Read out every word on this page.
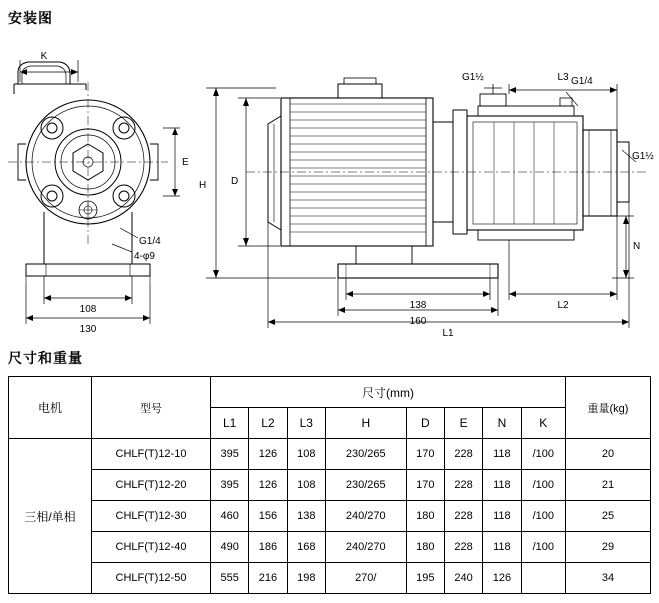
安装图
K
E
G1/4
4-φ9
108
130
H D
N
138
160
L2
L3
L1
G1½	G1/4
G1½
尺寸和重量
电机	型号	尺寸(mm)								重量(kg)
		L1	L2	L3	H	D	E	N	K	
三相/单相	CHLF(T)12-10	395	126	108	230/265	170	228	118	/100	20
	CHLF(T)12-20	395	126	108	230/265	170	228	118	/100	21
	CHLF(T)12-30	460	156	138	240/270	180	228	118	/100	25
	CHLF(T)12-40	490	186	168	240/270	180	228	118	/100	29
	CHLF(T)12-50	555	216	198	270/	195	240	126		34
